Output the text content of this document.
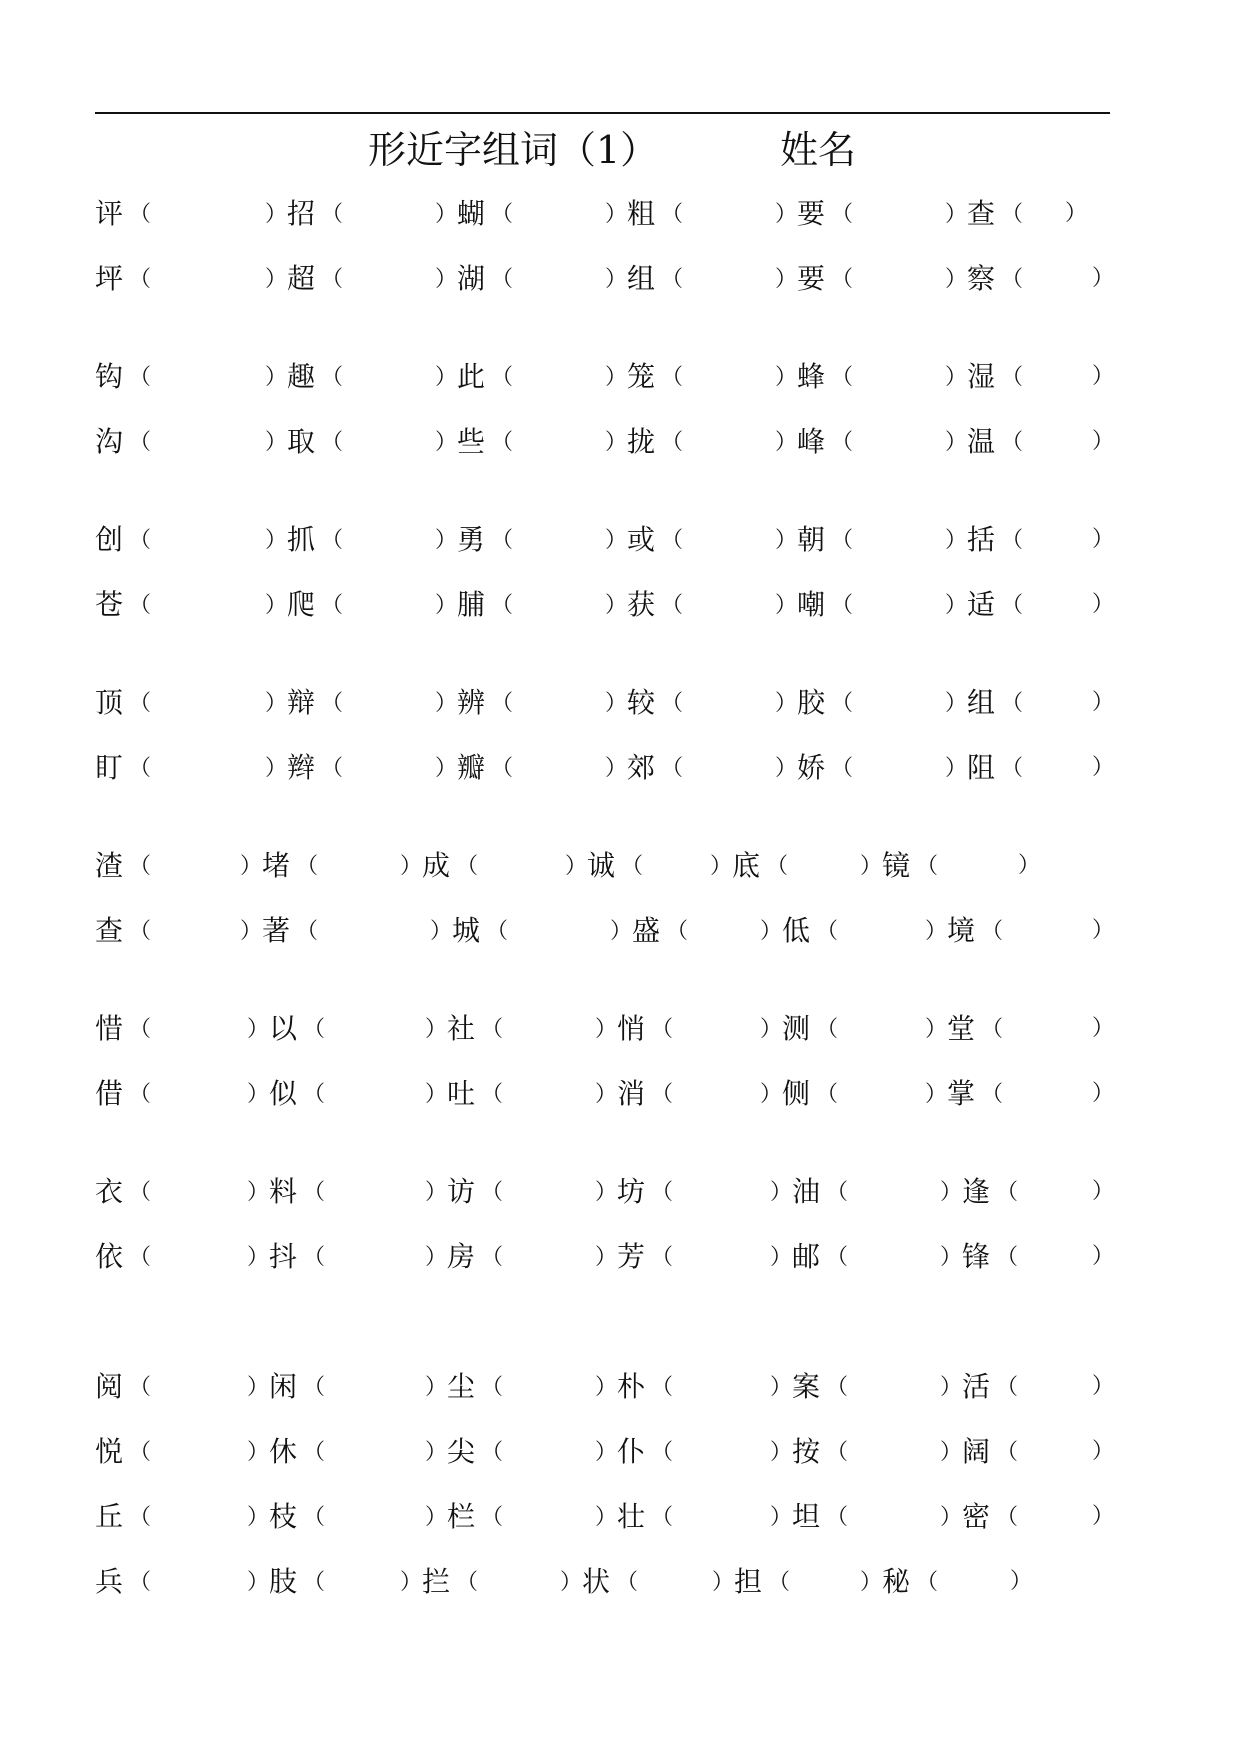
形近字组词（1）	姓名
评 （	）招 （	）蝴 （	）粗 （	）要 （	）查 （ ）
坪 （	）超 （	）湖 （	）组 （	）要 （	）察 （	）
钩 （	）趣 （	）此 （	）笼 （	）蜂 （	）湿 （	）
沟 （	）取 （	）些 （	）拢 （	）峰 （	）温 （	）
创 （	）抓 （	）勇 （	）或 （	）朝 （	）括 （	）
苍 （	）爬 （	）脯 （	）获 （	）嘲 （	）适 （	）
顶 （	）辩 （	）辨 （	）较 （	）胶 （	）组 （	）
盯 （	）辫 （	）瓣 （	）郊 （	）娇 （	）阻 （	）
渣 （	）堵 （	）成 （	）诚 （	）底 （	）镜 （	）
查 （	）著 （	）城 （	）盛 （	）低 （	）境 （	）
惜 （	）以 （	）社 （	）悄 （	）测 （	）堂 （	）
借 （	）似 （	）吐 （	）消 （	）侧 （	）掌 （	）
衣 （	）料 （	）访 （	）坊 （	）油 （	）逢 （	）
依 （	）抖 （	）房 （	）芳 （	）邮 （	）锋 （	）
阅 （	）闲 （	）尘 （	）朴 （	）案 （	）活 （	）
悦 （	）休 （	）尖 （	）仆 （	）按 （	）阔 （	）
丘 （	）枝 （	）栏 （	）壮 （	）坦 （	）密 （	）
兵 （	）肢 （	）拦 （	）状 （	）担 （	）秘 （	）
